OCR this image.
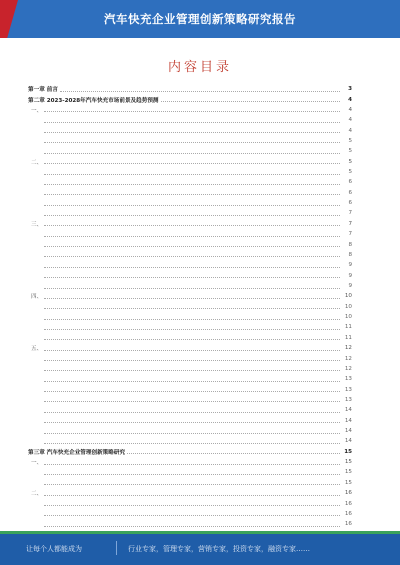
汽车快充企业管理创新策略研究报告
内容目录
第一章 前言	3
第二章 2023-2028年汽车快充市场前景及趋势预测	4
一、	4
4
4
5
5
二、	5
5
6
6
6
7
三、	7
7
8
8
9
9
9
四、	10
10
10
11
11
五、	12
12
12
13
13
13
14
14
14
14
第三章 汽车快充企业管理创新策略研究	15
一、	15
15
15
二、	16
16
16
16
让每个人都能成为	行业专家，管理专家，营销专家，投资专家，融资专家……
